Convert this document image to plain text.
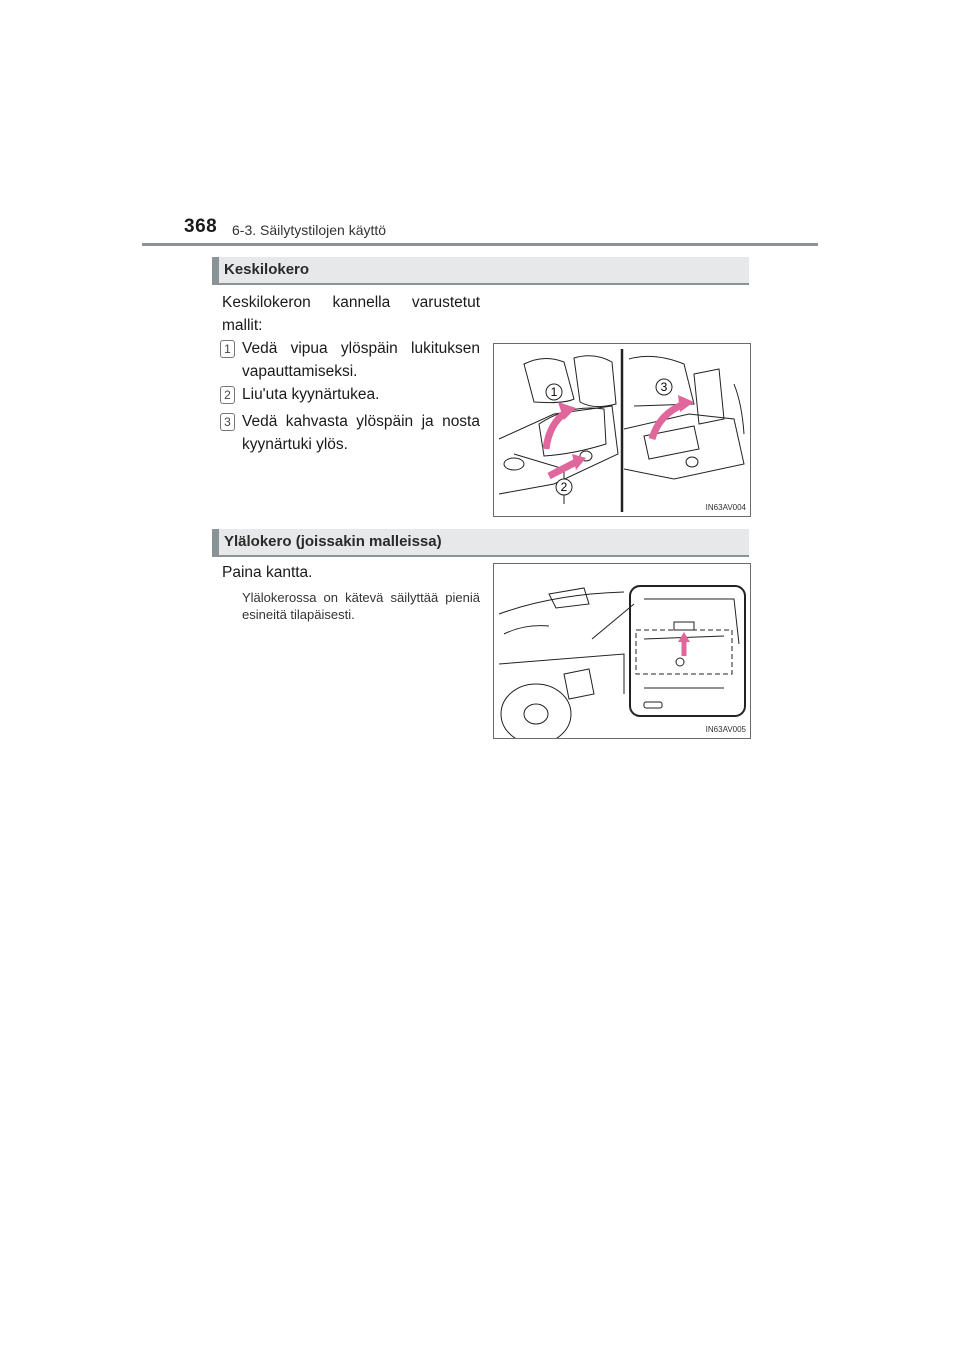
368 6-3. Säilytystilojen käyttö
Keskilokero
Keskilokeron kannella varustetut mallit:
1 Vedä vipua ylöspäin lukituksen vapauttamiseksi.
2 Liu'uta kyynärtukea.
3 Vedä kahvasta ylöspäin ja nosta kyynärtuki ylös.
1
2
3
IN63AV004
Ylälokero (joissakin malleissa)
Paina kantta.
Ylälokerossa on kätevä säilyttää pieniä esineitä tilapäisesti.
IN63AV005
